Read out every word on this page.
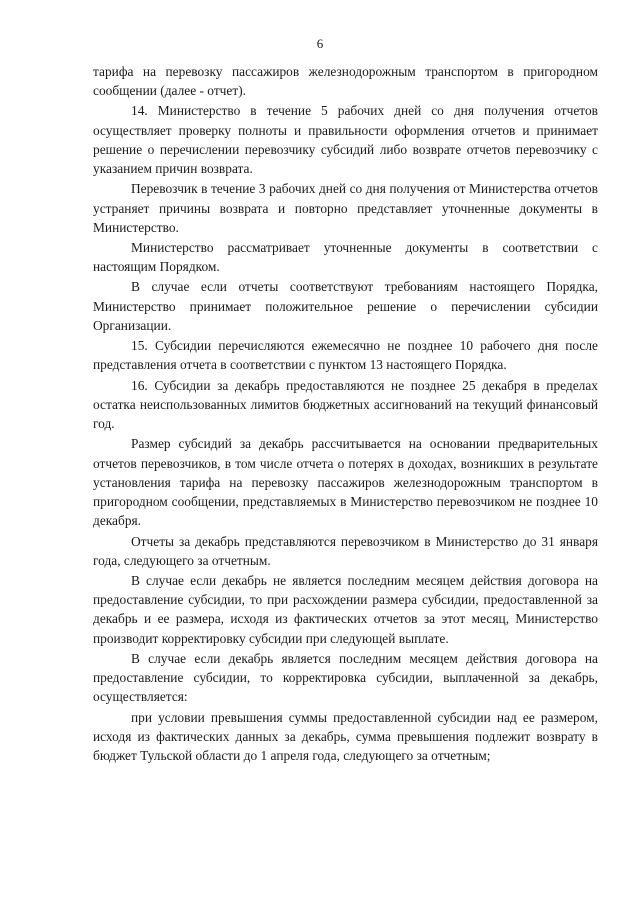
6

тарифа на перевозку пассажиров железнодорожным транспортом в пригородном сообщении (далее - отчет).

14. Министерство в течение 5 рабочих дней со дня получения отчетов осуществляет проверку полноты и правильности оформления отчетов и принимает решение о перечислении перевозчику субсидий либо возврате отчетов перевозчику с указанием причин возврата.

Перевозчик в течение 3 рабочих дней со дня получения от Министерства отчетов устраняет причины возврата и повторно представляет уточненные документы в Министерство.

Министерство рассматривает уточненные документы в соответствии с настоящим Порядком.

В случае если отчеты соответствуют требованиям настоящего Порядка, Министерство принимает положительное решение о перечислении субсидии Организации.

15. Субсидии перечисляются ежемесячно не позднее 10 рабочего дня после представления отчета в соответствии с пунктом 13 настоящего Порядка.

16. Субсидии за декабрь предоставляются не позднее 25 декабря в пределах остатка неиспользованных лимитов бюджетных ассигнований на текущий финансовый год.

Размер субсидий за декабрь рассчитывается на основании предварительных отчетов перевозчиков, в том числе отчета о потерях в доходах, возникших в результате установления тарифа на перевозку пассажиров железнодорожным транспортом в пригородном сообщении, представляемых в Министерство перевозчиком не позднее 10 декабря.

Отчеты за декабрь представляются перевозчиком в Министерство до 31 января года, следующего за отчетным.

В случае если декабрь не является последним месяцем действия договора на предоставление субсидии, то при расхождении размера субсидии, предоставленной за декабрь и ее размера, исходя из фактических отчетов за этот месяц, Министерство производит корректировку субсидии при следующей выплате.

В случае если декабрь является последним месяцем действия договора на предоставление субсидии, то корректировка субсидии, выплаченной за декабрь, осуществляется:

при условии превышения суммы предоставленной субсидии над ее размером, исходя из фактических данных за декабрь, сумма превышения подлежит возврату в бюджет Тульской области до 1 апреля года, следующего за отчетным;
